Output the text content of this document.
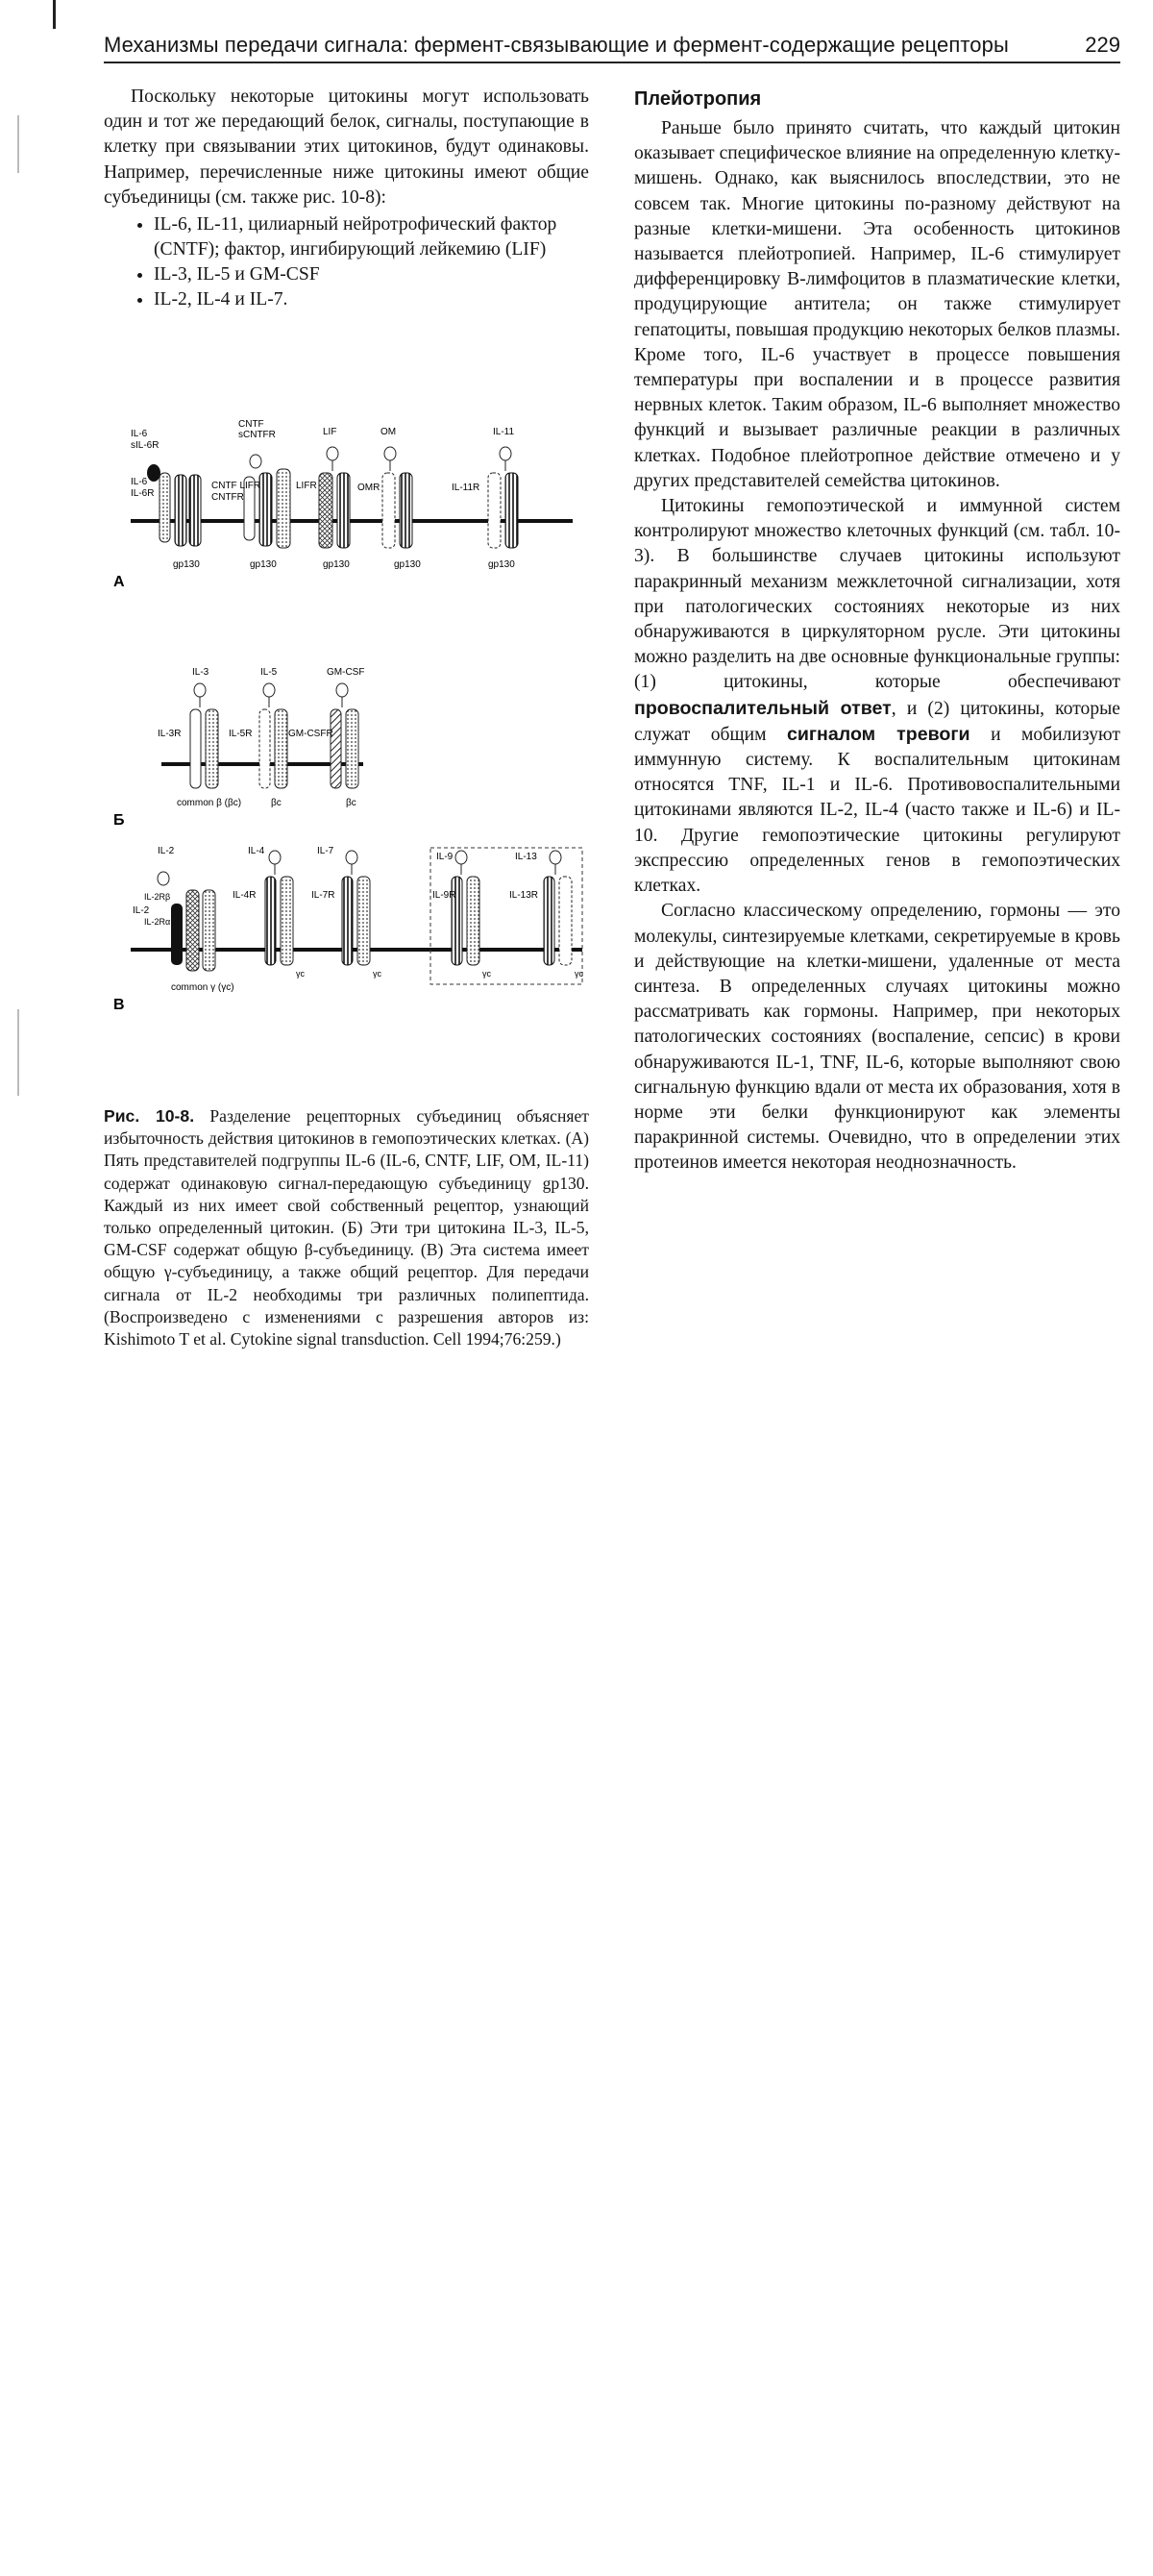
Механизмы передачи сигнала: фермент-связывающие и фермент-содержащие рецепторы	229

Поскольку некоторые цитокины могут использовать один и тот же передающий белок, сигналы, поступающие в клетку при связывании этих цитокинов, будут одинаковы. Например, перечисленные ниже цитокины имеют общие субъединицы (см. также рис. 10-8):

• IL-6, IL-11, цилиарный нейротрофический фактор (CNTF); фактор, ингибирующий лейкемию (LIF)
• IL-3, IL-5 и GM-CSF
• IL-2, IL-4 и IL-7.
IL-6
sIL-6R
IL-6
IL-6R
CNTF
sCNTFR
CNTF LIFR
CNTFR
LIF
LIFR
OM
OMR
IL-11
IL-11R
gp130	gp130	gp130	gp130	gp130
А
IL-3	IL-5	GM-CSF
IL-3R	IL-5R	GM-CSFR
common β (βc)	βc	βc
Б
IL-2
IL-2
IL-2Rβ
IL-2Rα
IL-4
IL-4R
IL-7
IL-7R
IL-9
IL-9R
IL-13
IL-13R
common γ (γc)
γc	γc	γc	γc
В
Рис. 10-8. Разделение рецепторных субъединиц объясняет избыточность действия цитокинов в гемопоэтических клетках. (А) Пять представителей подгруппы IL-6 (IL-6, CNTF, LIF, OM, IL-11) содержат одинаковую сигнал-передающую субъединицу gp130. Каждый из них имеет свой собственный рецептор, узнающий только определенный цитокин. (Б) Эти три цитокина IL-3, IL-5, GM-CSF содержат общую β-субъединицу. (В) Эта система имеет общую γ-субъединицу, а также общий рецептор. Для передачи сигнала от IL-2 необходимы три различных полипептида. (Воспроизведено с изменениями с разрешения авторов из: Kishimoto T et al. Cytokine signal transduction. Cell 1994;76:259.)
Плейотропия

Раньше было принято считать, что каждый цитокин оказывает специфическое влияние на определенную клетку-мишень. Однако, как выяснилось впоследствии, это не совсем так. Многие цитокины по-разному действуют на разные клетки-мишени. Эта особенность цитокинов называется плейотропией. Например, IL-6 стимулирует дифференцировку В-лимфоцитов в плазматические клетки, продуцирующие антитела; он также стимулирует гепатоциты, повышая продукцию некоторых белков плазмы. Кроме того, IL-6 участвует в процессе повышения температуры при воспалении и в процессе развития нервных клеток. Таким образом, IL-6 выполняет множество функций и вызывает различные реакции в различных клетках. Подобное плейотропное действие отмечено и у других представителей семейства цитокинов.

Цитокины гемопоэтической и иммунной систем контролируют множество клеточных функций (см. табл. 10-3). В большинстве случаев цитокины используют паракринный механизм межклеточной сигнализации, хотя при патологических состояниях некоторые из них обнаруживаются в циркуляторном русле. Эти цитокины можно разделить на две основные функциональные группы: (1) цитокины, которые обеспечивают провоспалительный ответ, и (2) цитокины, которые служат общим сигналом тревоги и мобилизуют иммунную систему. К воспалительным цитокинам относятся TNF, IL-1 и IL-6. Противовоспалительными цитокинами являются IL-2, IL-4 (часто также и IL-6) и IL-10. Другие гемопоэтические цитокины регулируют экспрессию определенных генов в гемопоэтических клетках.

Согласно классическому определению, гормоны — это молекулы, синтезируемые клетками, секретируемые в кровь и действующие на клетки-мишени, удаленные от места синтеза. В определенных случаях цитокины можно рассматривать как гормоны. Например, при некоторых патологических состояниях (воспаление, сепсис) в крови обнаруживаются IL-1, TNF, IL-6, которые выполняют свою сигнальную функцию вдали от места их образования, хотя в норме эти белки функционируют как элементы паракринной системы. Очевидно, что в определении этих протеинов имеется некоторая неоднозначность.
